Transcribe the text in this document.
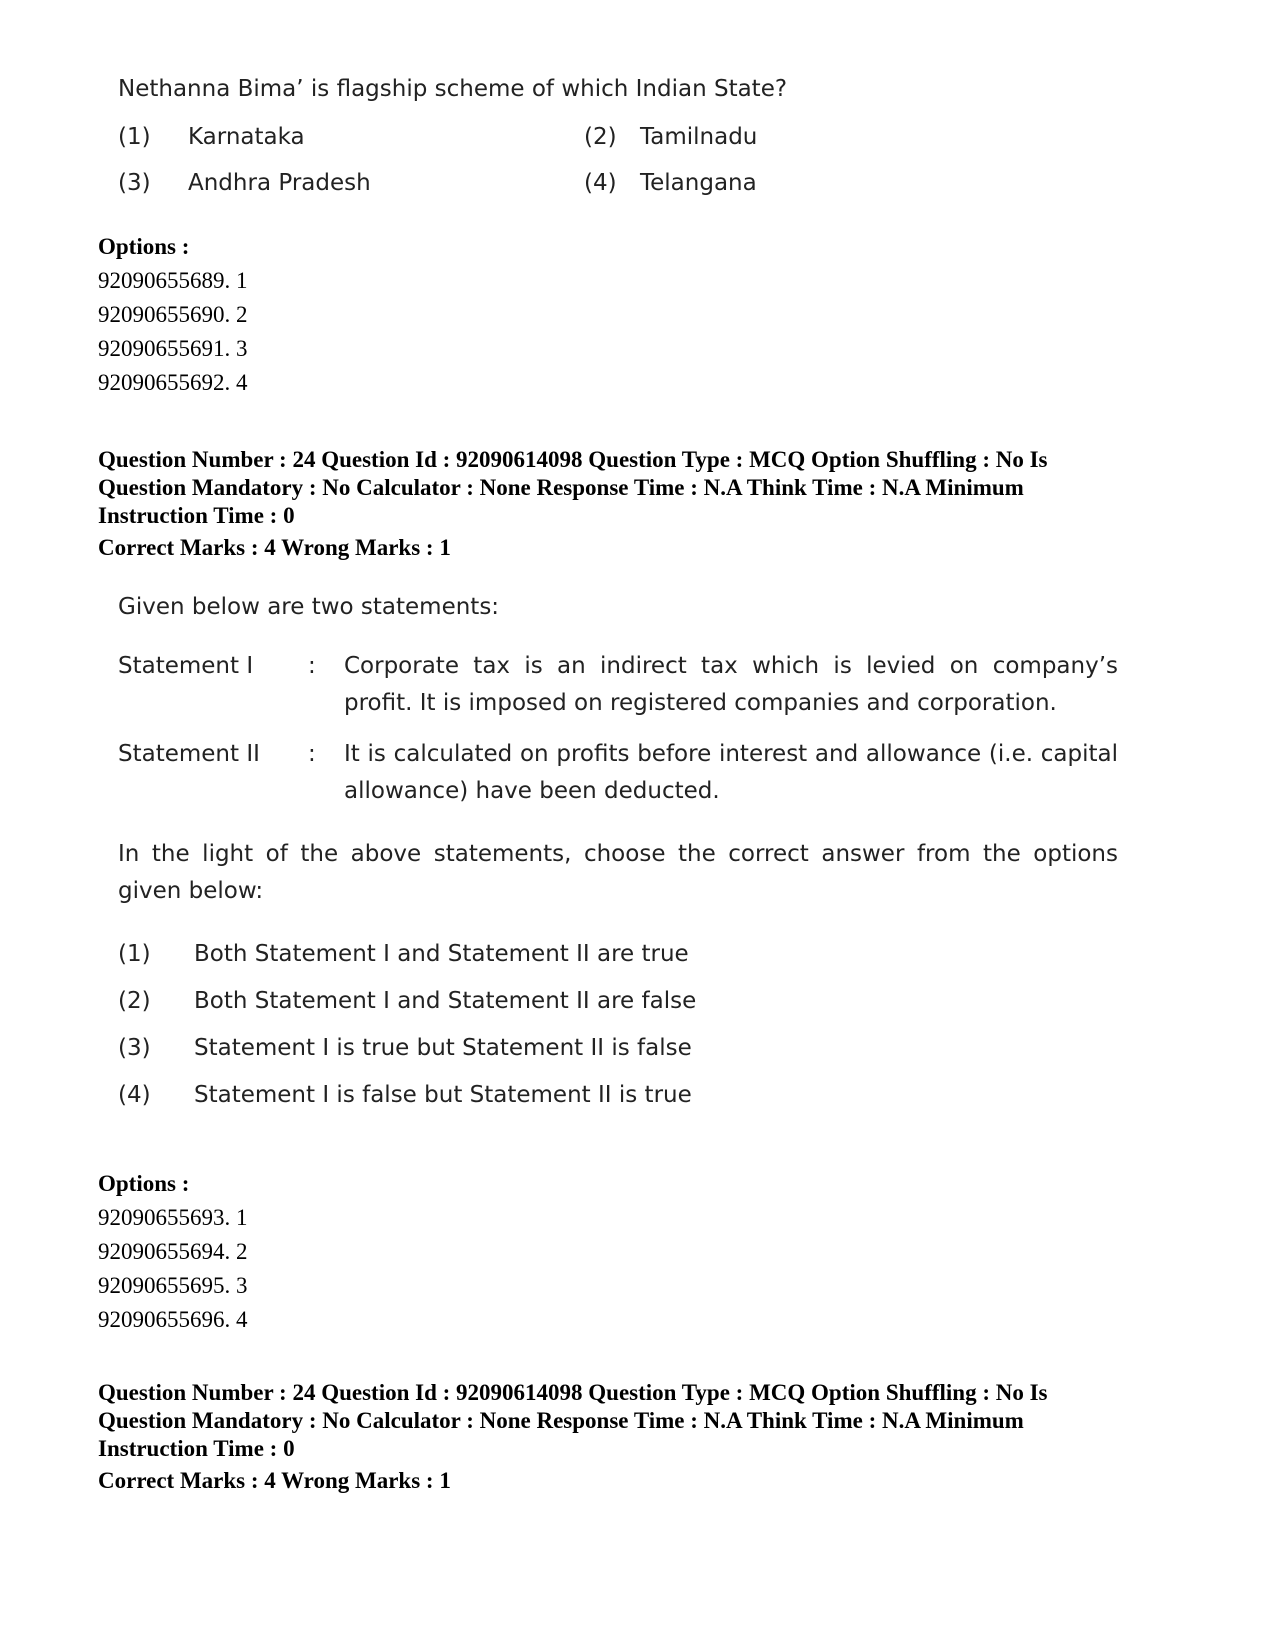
Nethanna Bima’ is flagship scheme of which Indian State?
(1)	Karnataka	(2)	Tamilnadu
(3)	Andhra Pradesh	(4)	Telangana
Options :
92090655689. 1
92090655690. 2
92090655691. 3
92090655692. 4
Question Number : 24 Question Id : 92090614098 Question Type : MCQ Option Shuffling : No Is
Question Mandatory : No Calculator : None Response Time : N.A Think Time : N.A Minimum
Instruction Time : 0
Correct Marks : 4 Wrong Marks : 1
Given below are two statements:
Statement I	:	Corporate tax is an indirect tax which is levied on company’s profit. It is imposed on registered companies and corporation.
Statement II	:	It is calculated on profits before interest and allowance (i.e. capital allowance) have been deducted.
In the light of the above statements, choose the correct answer from the options given below:
(1)	Both Statement I and Statement II are true
(2)	Both Statement I and Statement II are false
(3)	Statement I is true but Statement II is false
(4)	Statement I is false but Statement II is true
Options :
92090655693. 1
92090655694. 2
92090655695. 3
92090655696. 4
Question Number : 24 Question Id : 92090614098 Question Type : MCQ Option Shuffling : No Is
Question Mandatory : No Calculator : None Response Time : N.A Think Time : N.A Minimum
Instruction Time : 0
Correct Marks : 4 Wrong Marks : 1
